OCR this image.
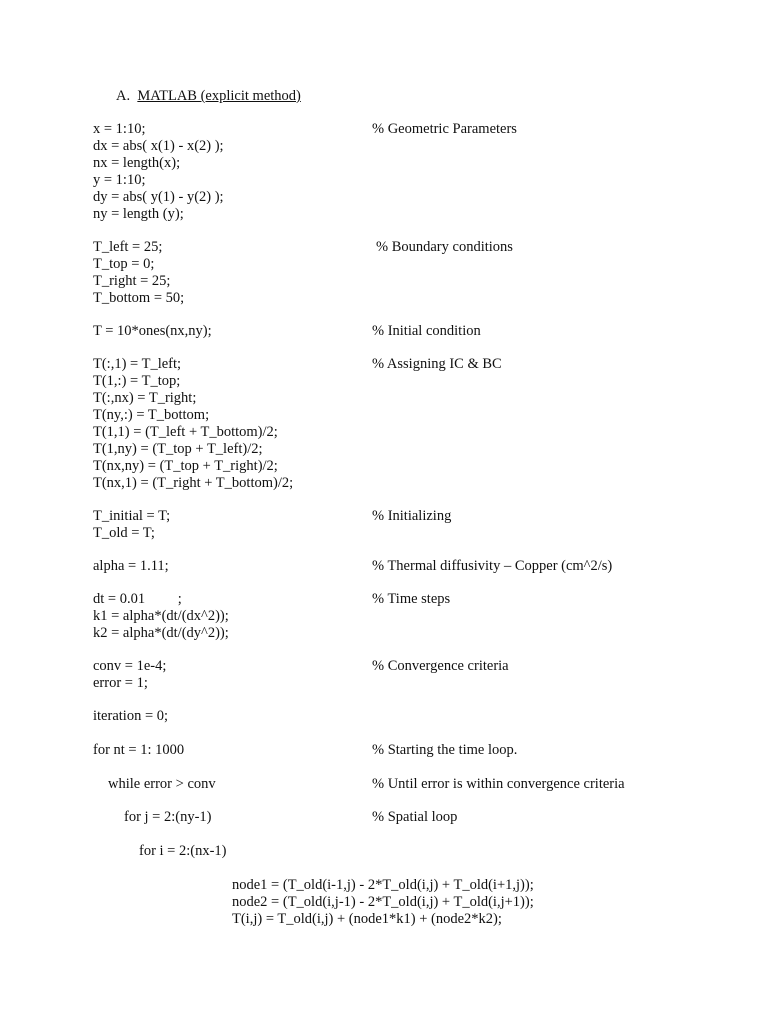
A. MATLAB (explicit method)
x = 1:10;	% Geometric Parameters
dx = abs( x(1) - x(2) );
nx = length(x);
y = 1:10;
dy = abs( y(1) - y(2) );
ny = length (y);
T_left = 25;	% Boundary conditions
T_top = 0;
T_right = 25;
T_bottom = 50;
T = 10*ones(nx,ny);	% Initial condition
T(:,1) = T_left;	% Assigning IC & BC
T(1,:) = T_top;
T(:,nx) = T_right;
T(ny,:) = T_bottom;
T(1,1) = (T_left + T_bottom)/2;
T(1,ny) = (T_top + T_left)/2;
T(nx,ny) = (T_top + T_right)/2;
T(nx,1) = (T_right + T_bottom)/2;
T_initial = T;	% Initializing
T_old = T;
alpha = 1.11;	% Thermal diffusivity – Copper (cm^2/s)
dt = 0.01         ;	% Time steps
k1 = alpha*(dt/(dx^2));
k2 = alpha*(dt/(dy^2));
conv = 1e-4;	% Convergence criteria
error = 1;
iteration = 0;
for nt = 1: 1000	% Starting the time loop.
while error > conv	% Until error is within convergence criteria
for j = 2:(ny-1)	% Spatial loop
for i = 2:(nx-1)
node1 = (T_old(i-1,j) - 2*T_old(i,j) + T_old(i+1,j));
node2 = (T_old(i,j-1) - 2*T_old(i,j) + T_old(i,j+1));
T(i,j) = T_old(i,j) + (node1*k1) + (node2*k2);
